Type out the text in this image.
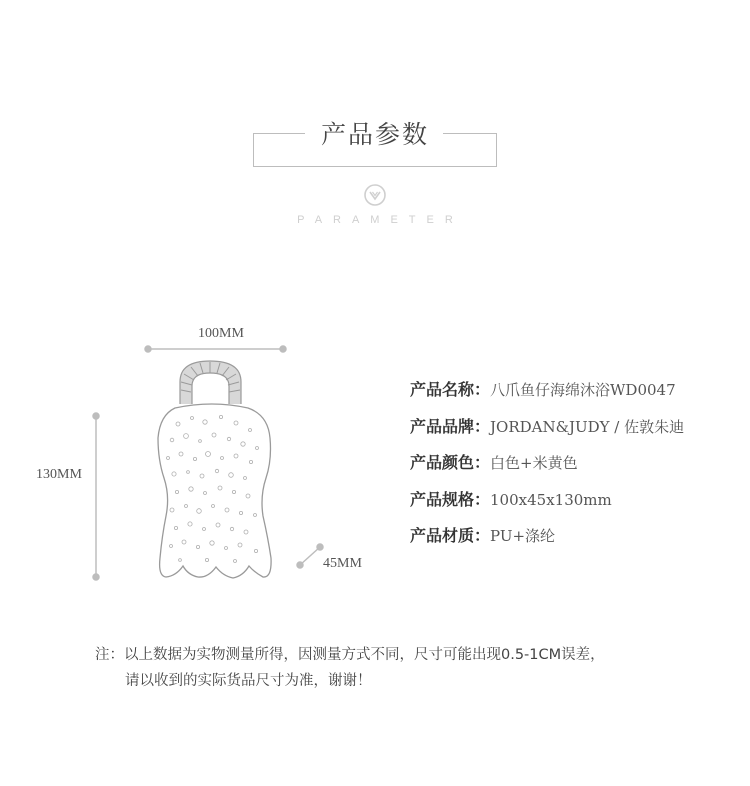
产品参数
PARAMETER
100MM
130MM
45MM
产品名称：八爪鱼仔海绵沐浴WD0047
产品品牌：JORDAN&JUDY / 佐敦朱迪
产品颜色：白色+米黄色
产品规格：100x45x130mm
产品材质：PU+涤纶
注：以上数据为实物测量所得，因测量方式不同，尺寸可能出现0.5-1CM误差，
请以收到的实际货品尺寸为准，谢谢！
